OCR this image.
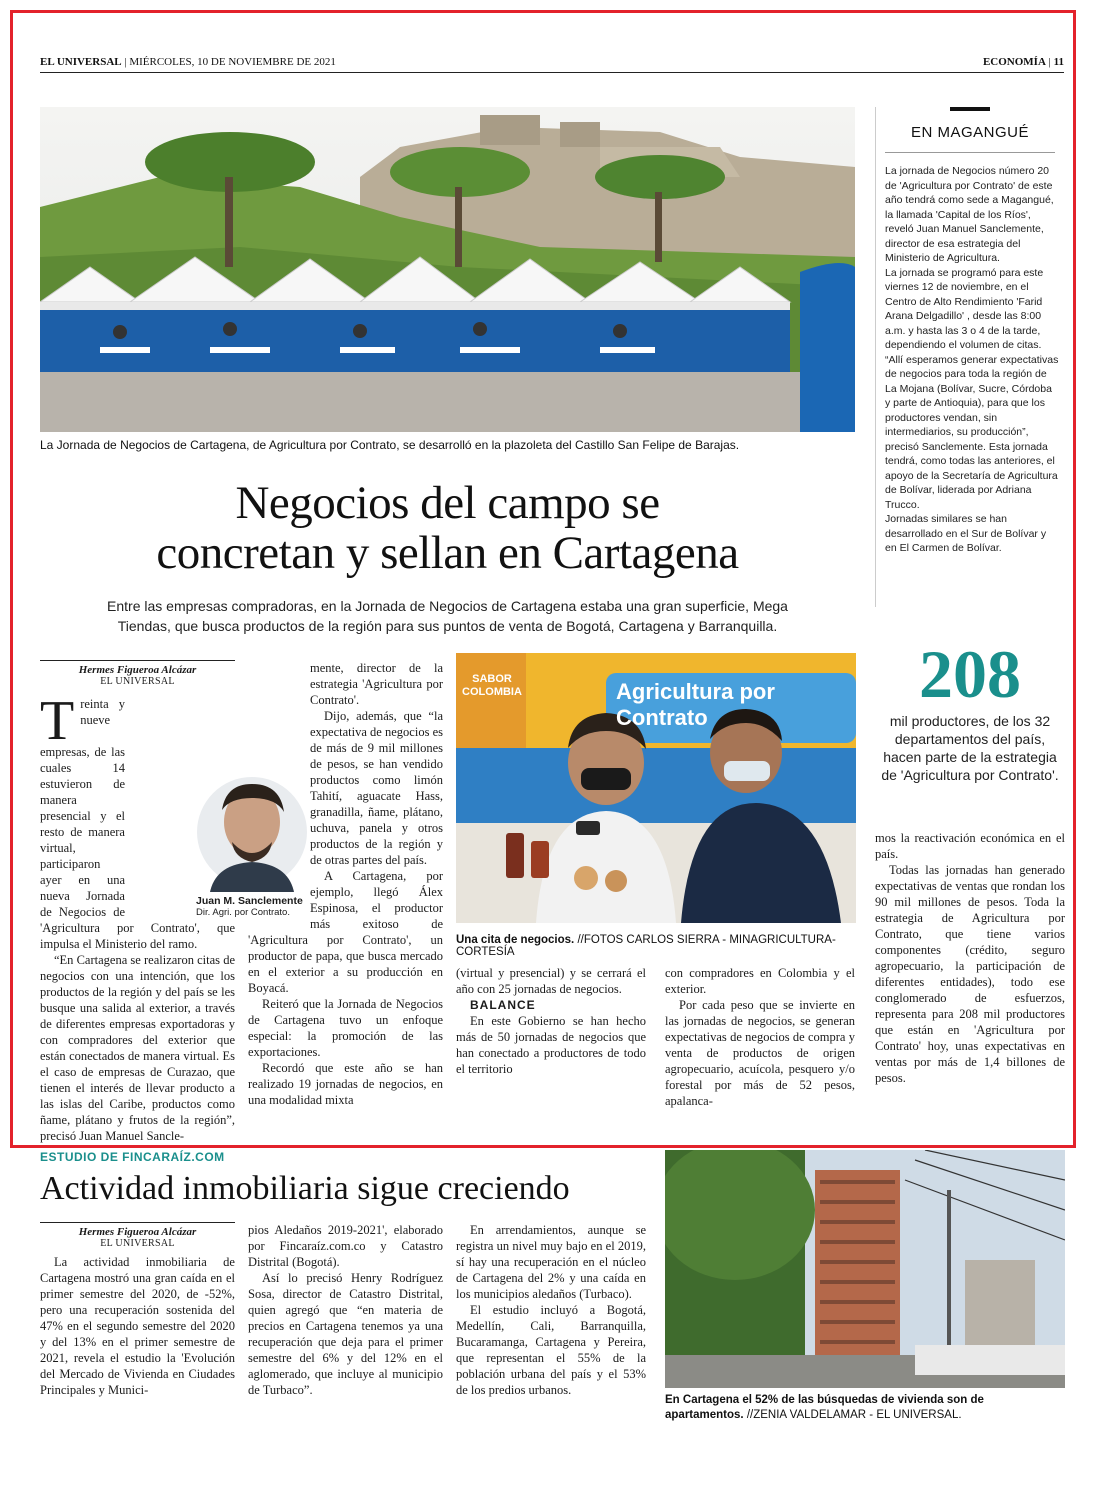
EL UNIVERSAL | MIÉRCOLES, 10 DE NOVIEMBRE DE 2021	ECONOMÍA | 11
La Jornada de Negocios de Cartagena, de Agricultura por Contrato, se desarrolló en la plazoleta del Castillo San Felipe de Barajas.
EN MAGANGUÉ

La jornada de Negocios número 20 de 'Agricultura por Contrato' de este año tendrá como sede a Magangué, la llamada 'Capital de los Ríos', reveló Juan Manuel Sanclemente, director de esa estrategia del Ministerio de Agricultura.

La jornada se programó para este viernes 12 de noviembre, en el Centro de Alto Rendimiento 'Farid Arana Delgadillo' , desde las 8:00 a.m. y hasta las 3 o 4 de la tarde, dependiendo el volumen de citas.

“Allí esperamos generar expectativas de negocios para toda la región de La Mojana (Bolívar, Sucre, Córdoba y parte de Antioquia), para que los productores vendan, sin intermediarios, su producción”, precisó Sanclemente. Esta jornada tendrá, como todas las anteriores, el apoyo de la Secretaría de Agricultura de Bolívar, liderada por Adriana Trucco.

Jornadas similares se han desarrollado en el Sur de Bolívar y en El Carmen de Bolívar.

Negocios del campo se
concretan y sellan en Cartagena
Entre las empresas compradoras, en la Jornada de Negocios de Cartagena estaba una gran superficie, Mega
Tiendas, que busca productos de la región para sus puntos de venta de Bogotá, Cartagena y Barranquilla.
Hermes Figueroa Alcázar
EL UNIVERSAL

Treinta y nueve empresas, de las cuales 14 estuvieron de manera presencial y el resto de manera virtual, participaron ayer en una nueva Jornada de Negocios de 'Agricultura por Contrato', que impulsa el Ministerio del ramo.

“En Cartagena se realizaron citas de negocios con una intención, que los productos de la región y del país se les busque una salida al exterior, a través de diferentes empresas exportadoras y con compradores del exterior que están conectados de manera virtual. Es el caso de empresas de Curazao, que tienen el interés de llevar producto a las islas del Caribe, productos como ñame, plátano y frutos de la región”, precisó Juan Manuel Sancle-

Juan M. Sanclemente
Dir. Agri. por Contrato.

mente, director de la estrategia 'Agricultura por Contrato'.

Dijo, además, que “la expectativa de negocios es de más de 9 mil millones de pesos, se han vendido productos como limón Tahití, aguacate Hass, granadilla, ñame, plátano, uchuva, panela y otros productos de la región y de otras partes del país.

A Cartagena, por ejemplo, llegó Álex Espinosa, el productor más exitoso de 'Agricultura por Contrato', un productor de papa, que busca mercado en el exterior a su producción en Boyacá.

Reiteró que la Jornada de Negocios de Cartagena tuvo un enfoque especial: la promoción de las exportaciones.

Recordó que este año se han realizado 19 jornadas de negocios, en una modalidad mixta

SABOR COLOMBIA	Agricultura por Contrato
Una cita de negocios. //FOTOS CARLOS SIERRA - MINAGRICULTURA-CORTESÍA

(virtual y presencial) y se cerrará el año con 25 jornadas de negocios.

BALANCE

En este Gobierno se han hecho más de 50 jornadas de negocios que han conectado a productores de todo el territorio

con compradores en Colombia y el exterior.

Por cada peso que se invierte en las jornadas de negocios, se generan expectativas de negocios de compra y venta de productos de origen agropecuario, acuícola, pesquero y/o forestal por más de 52 pesos, apalanca-

208
mil productores, de los 32 departamentos del país, hacen parte de la estrategia de 'Agricultura por Contrato'.

mos la reactivación económica en el país.

Todas las jornadas han generado expectativas de ventas que rondan los 90 mil millones de pesos. Toda la estrategia de Agricultura por Contrato, que tiene varios componentes (crédito, seguro agropecuario, la participación de diferentes entidades), todo ese conglomerado de esfuerzos, representa para 208 mil productores que están en 'Agricultura por Contrato' hoy, unas expectativas en ventas por más de 1,4 billones de pesos.

ESTUDIO DE FINCARAÍZ.COM
Actividad inmobiliaria sigue creciendo
Hermes Figueroa Alcázar
EL UNIVERSAL

La actividad inmobiliaria de Cartagena mostró una gran caída en el primer semestre del 2020, de -52%, pero una recuperación sostenida del 47% en el segundo semestre del 2020 y del 13% en el primer semestre de 2021, revela el estudio la 'Evolución del Mercado de Vivienda en Ciudades Principales y Munici-

pios Aledaños 2019-2021', elaborado por Fincaraíz.com.co y Catastro Distrital (Bogotá).

Así lo precisó Henry Rodríguez Sosa, director de Catastro Distrital, quien agregó que “en materia de precios en Cartagena tenemos ya una recuperación que deja para el primer semestre del 6% y del 12% en el aglomerado, que incluye al municipio de Turbaco”.

En arrendamientos, aunque se registra un nivel muy bajo en el 2019, sí hay una recuperación en el núcleo de Cartagena del 2% y una caída en los municipios aledaños (Turbaco).

El estudio incluyó a Bogotá, Medellín, Cali, Barranquilla, Bucaramanga, Cartagena y Pereira, que representan el 55% de la población urbana del país y el 53% de los predios urbanos.

En Cartagena el 52% de las búsquedas de vivienda son de apartamentos. //ZENIA VALDELAMAR - EL UNIVERSAL.
